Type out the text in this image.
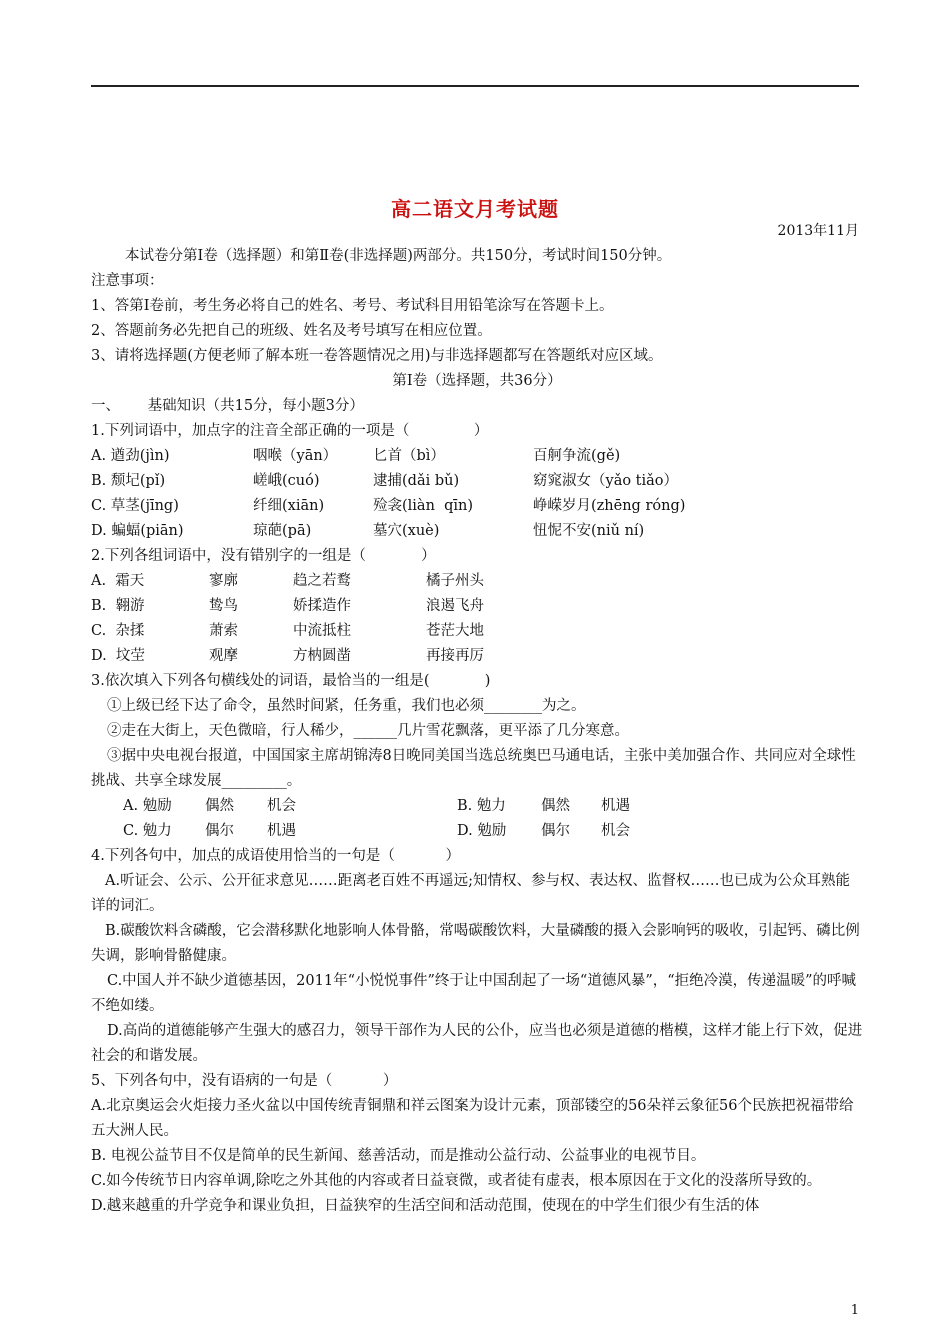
高二语文月考试题
2013年11月
本试卷分第Ⅰ卷（选择题）和第Ⅱ卷(非选择题)两部分。共150分，考试时间150分钟。
注意事项：
1、答第Ⅰ卷前，考生务必将自己的姓名、考号、考试科目用铅笔涂写在答题卡上。
2、答题前务必先把自己的班级、姓名及考号填写在相应位置。
3、请将选择题(方便老师了解本班一卷答题情况之用)与非选择题都写在答题纸对应区域。
第Ⅰ卷（选择题，共36分）
一、      基础知识（共15分，每小题3分）
1.下列词语中，加点字的注音全部正确的一项是（              ）
A. 遒劲(jìn)	咽喉（yān）	匕首（bì）	百舸争流(gě)
B. 颓圮(pǐ)	嵯峨(cuó)	逮捕(dǎi bǔ)	窈窕淑女（yǎo tiǎo）
C. 草茎(jīng)	纤细(xiān)	殓衾(liàn  qīn)	峥嵘岁月(zhēng róng)
D. 蝙蝠(piān)	琼葩(pā)	墓穴(xuè)	忸怩不安(niǔ ní)
2.下列各组词语中，没有错别字的一组是（            ）
A.  霜天	寥廓	趋之若鹜	橘子州头
B.  翱游	鸷鸟	娇揉造作	浪遏飞舟
C.  杂揉	萧索	中流抵柱	苍茫大地
D.  坟茔	观摩	方枘圆凿	再接再厉
3.依次填入下列各句横线处的词语，最恰当的一组是(            )
①上级已经下达了命令，虽然时间紧，任务重，我们也必须________为之。
②走在大街上，天色微暗，行人稀少，______几片雪花飘落，更平添了几分寒意。
③据中央电视台报道，中国国家主席胡锦涛8日晚同美国当选总统奥巴马通电话，主张中美加强合作、共同应对全球性挑战、共享全球发展_________。
A. 勉励	偶然	机会	B. 勉力	偶然	机遇
C. 勉力	偶尔	机遇	D. 勉励	偶尔	机会
4.下列各句中，加点的成语使用恰当的一句是（           ）
A.听证会、公示、公开征求意见……距离老百姓不再遥远;知情权、参与权、表达权、监督权……也已成为公众耳熟能详的词汇。
B.碳酸饮料含磷酸，它会潜移默化地影响人体骨骼，常喝碳酸饮料，大量磷酸的摄入会影响钙的吸收，引起钙、磷比例失调，影响骨骼健康。
C.中国人并不缺少道德基因，2011年“小悦悦事件”终于让中国刮起了一场“道德风暴”，“拒绝冷漠，传递温暖”的呼喊不绝如缕。
D.高尚的道德能够产生强大的感召力，领导干部作为人民的公仆，应当也必须是道德的楷模，这样才能上行下效，促进社会的和谐发展。
5、下列各句中，没有语病的一句是（           ）
A.北京奥运会火炬接力圣火盆以中国传统青铜鼎和祥云图案为设计元素，顶部镂空的56朵祥云象征56个民族把祝福带给五大洲人民。
B. 电视公益节目不仅是简单的民生新闻、慈善活动，而是推动公益行动、公益事业的电视节目。
C.如今传统节日内容单调,除吃之外其他的内容或者日益衰微，或者徒有虚表，根本原因在于文化的没落所导致的。
D.越来越重的升学竞争和课业负担，日益狭窄的生活空间和活动范围，使现在的中学生们很少有生活的体
1
